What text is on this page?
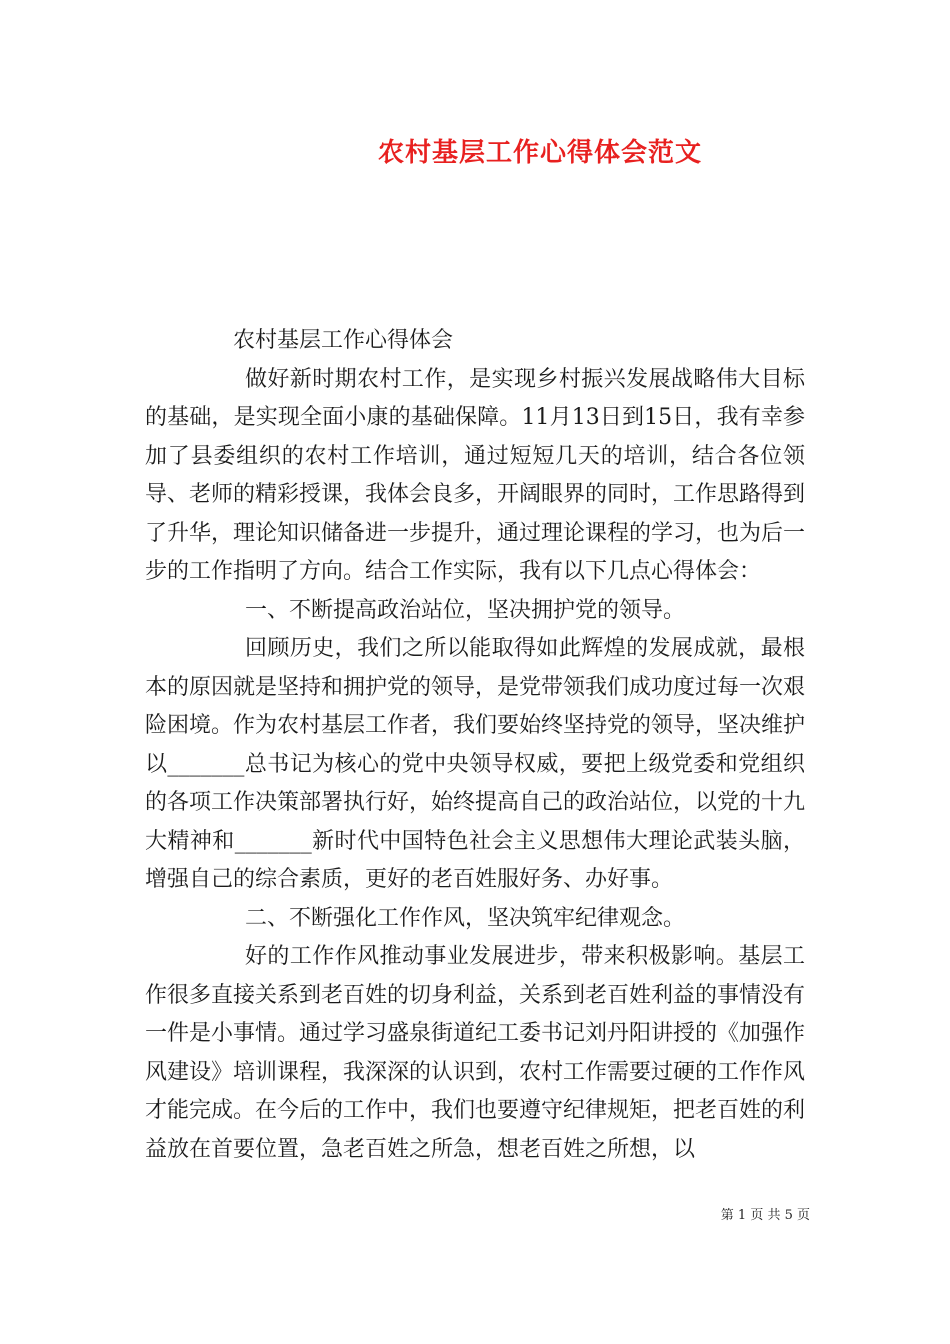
农村基层工作心得体会范文

农村基层工作心得体会

做好新时期农村工作，是实现乡村振兴发展战略伟大目标的基础，是实现全面小康的基础保障。11月13日到15日，我有幸参加了县委组织的农村工作培训，通过短短几天的培训，结合各位领导、老师的精彩授课，我体会良多，开阔眼界的同时，工作思路得到了升华，理论知识储备进一步提升，通过理论课程的学习，也为后一步的工作指明了方向。结合工作实际，我有以下几点心得体会：

一、不断提高政治站位，坚决拥护党的领导。

回顾历史，我们之所以能取得如此辉煌的发展成就，最根本的原因就是坚持和拥护党的领导，是党带领我们成功度过每一次艰险困境。作为农村基层工作者，我们要始终坚持党的领导，坚决维护以_______总书记为核心的党中央领导权威，要把上级党委和党组织的各项工作决策部署执行好，始终提高自己的政治站位，以党的十九大精神和_______新时代中国特色社会主义思想伟大理论武装头脑，增强自己的综合素质，更好的老百姓服好务、办好事。

二、不断强化工作作风，坚决筑牢纪律观念。

好的工作作风推动事业发展进步，带来积极影响。基层工作很多直接关系到老百姓的切身利益，关系到老百姓利益的事情没有一件是小事情。通过学习盛泉街道纪工委书记刘丹阳讲授的《加强作风建设》培训课程，我深深的认识到，农村工作需要过硬的工作作风才能完成。在今后的工作中，我们也要遵守纪律规矩，把老百姓的利益放在首要位置，急老百姓之所急，想老百姓之所想，以

第 1 页 共 5 页
